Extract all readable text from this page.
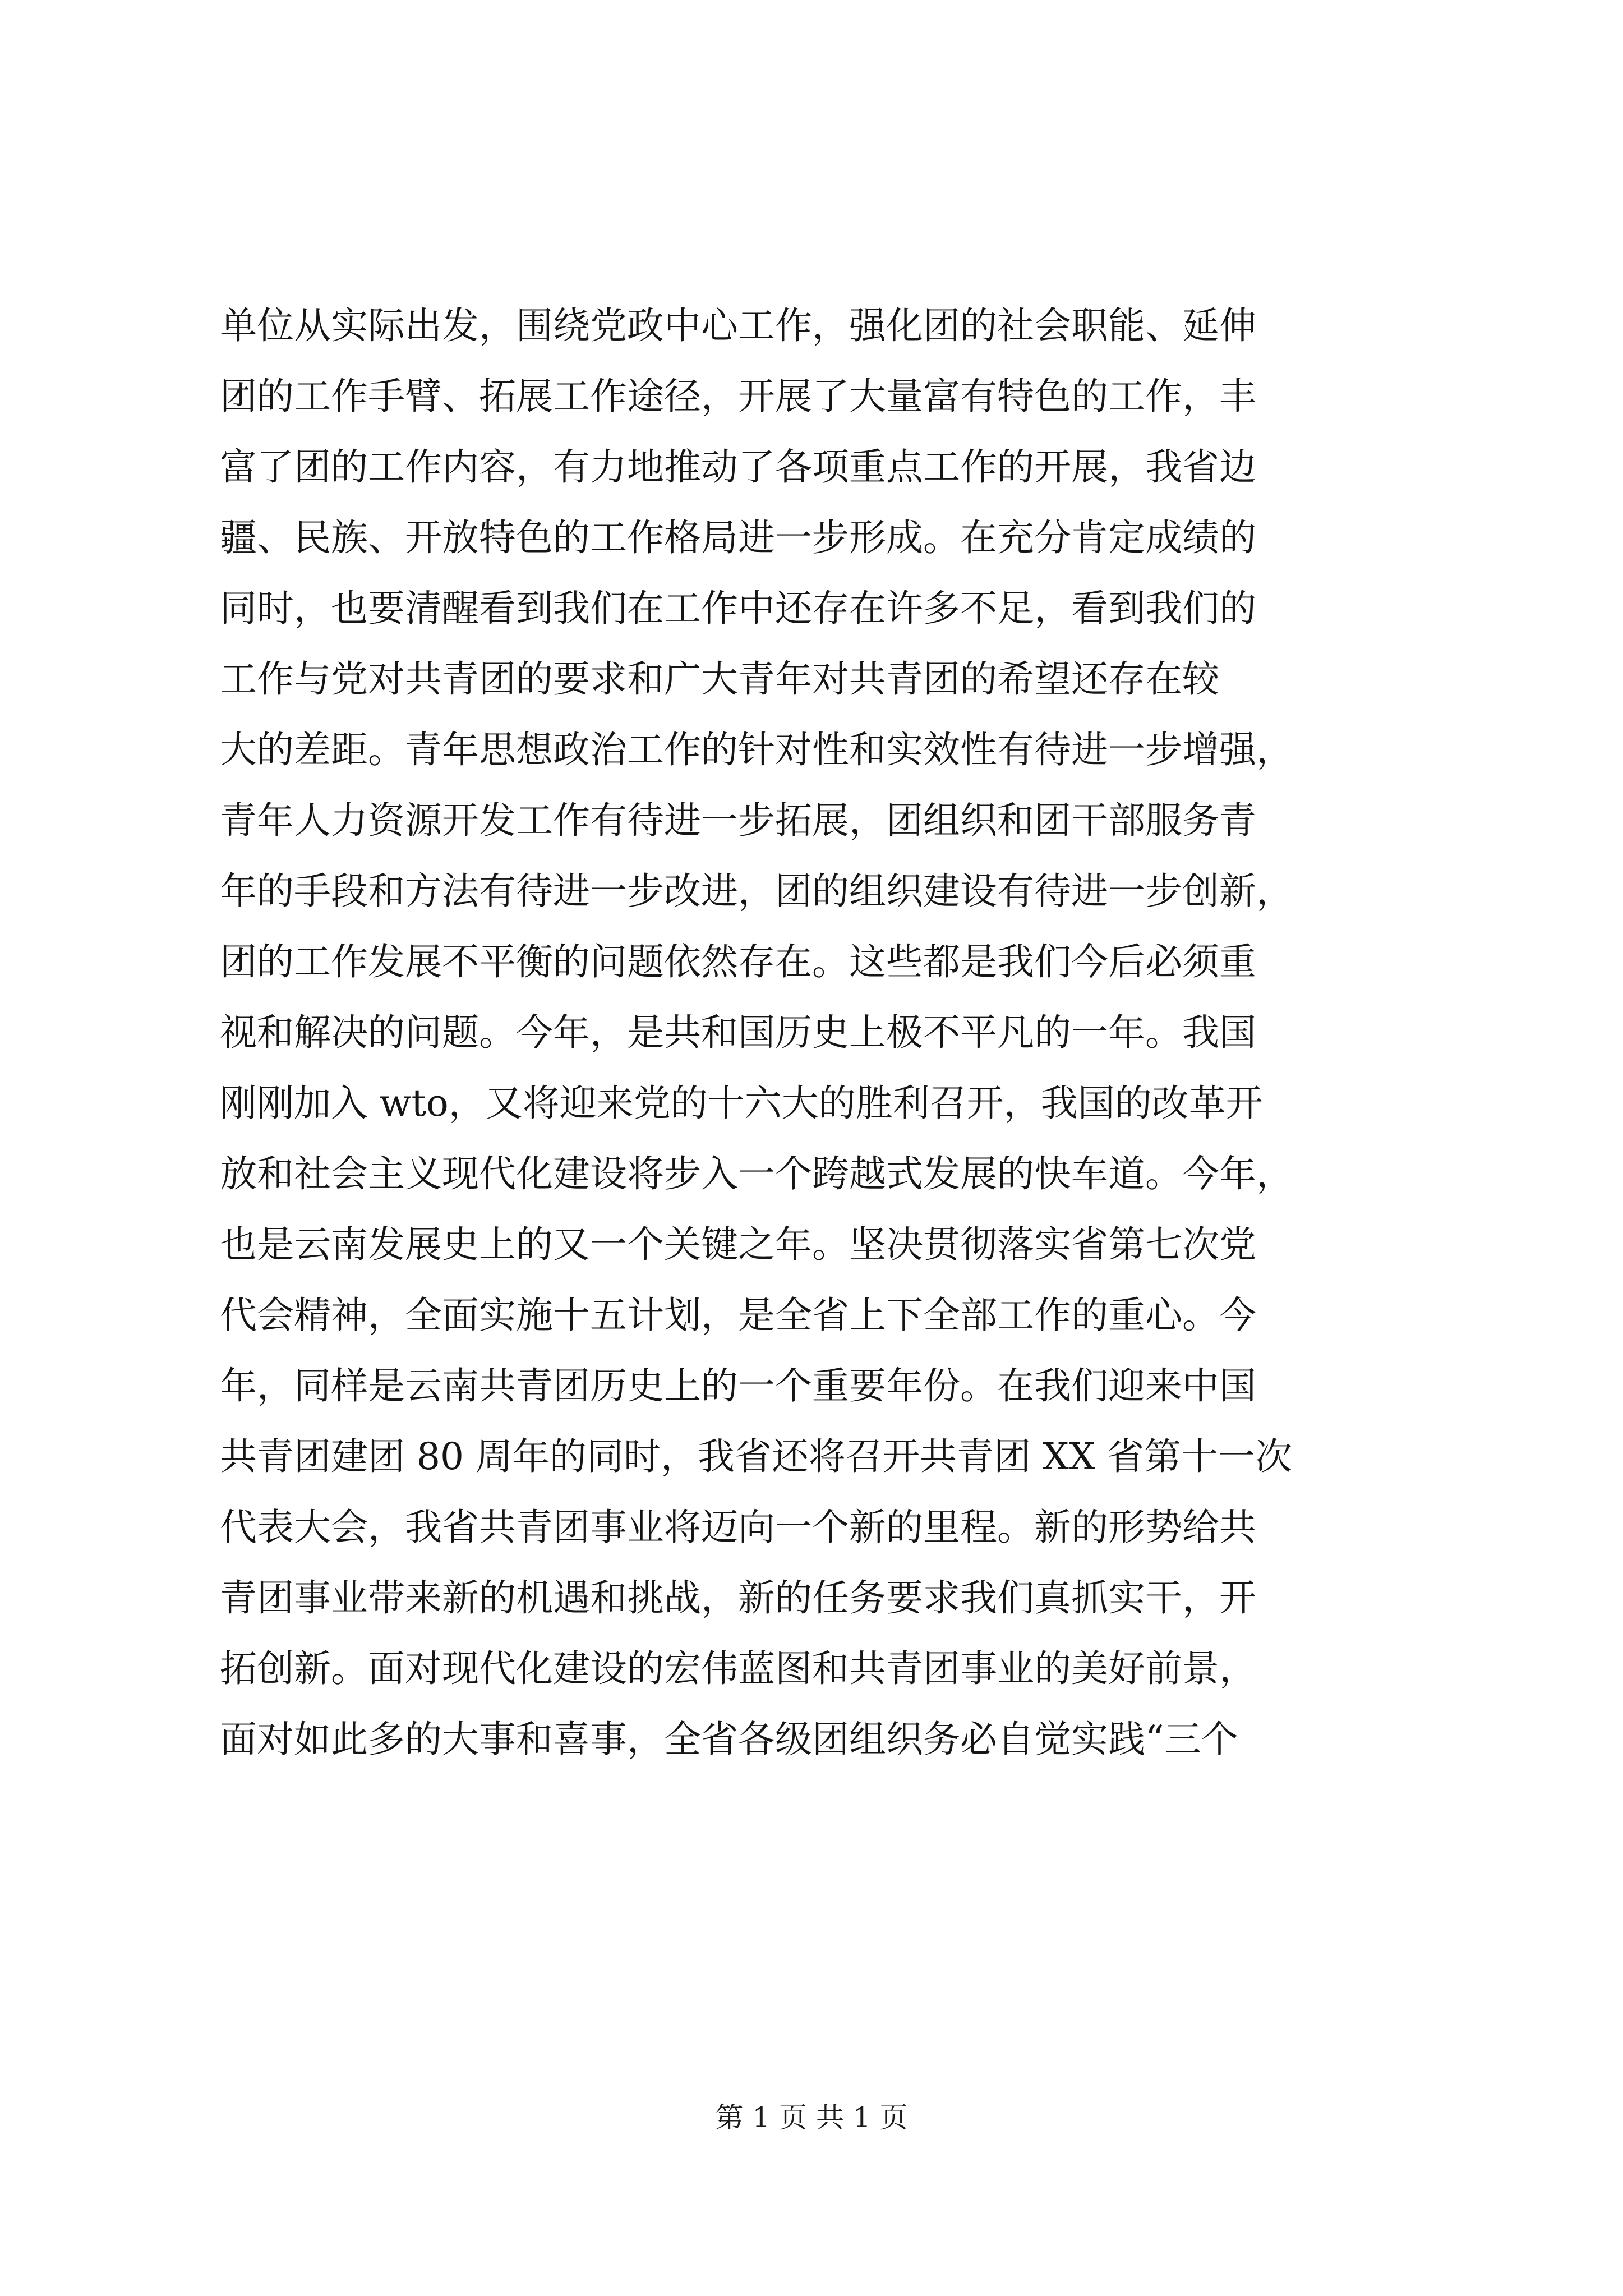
单位从实际出发，围绕党政中心工作，强化团的社会职能、延伸
团的工作手臂、拓展工作途径，开展了大量富有特色的工作，丰
富了团的工作内容，有力地推动了各项重点工作的开展，我省边
疆、民族、开放特色的工作格局进一步形成。在充分肯定成绩的
同时，也要清醒看到我们在工作中还存在许多不足，看到我们的
工作与党对共青团的要求和广大青年对共青团的希望还存在较
大的差距。青年思想政治工作的针对性和实效性有待进一步增强，
青年人力资源开发工作有待进一步拓展，团组织和团干部服务青
年的手段和方法有待进一步改进，团的组织建设有待进一步创新，
团的工作发展不平衡的问题依然存在。这些都是我们今后必须重
视和解决的问题。今年，是共和国历史上极不平凡的一年。我国
刚刚加入 wto，又将迎来党的十六大的胜利召开，我国的改革开
放和社会主义现代化建设将步入一个跨越式发展的快车道。今年，
也是云南发展史上的又一个关键之年。坚决贯彻落实省第七次党
代会精神，全面实施十五计划，是全省上下全部工作的重心。今
年，同样是云南共青团历史上的一个重要年份。在我们迎来中国
共青团建团 80 周年的同时，我省还将召开共青团 XX 省第十一次
代表大会，我省共青团事业将迈向一个新的里程。新的形势给共
青团事业带来新的机遇和挑战，新的任务要求我们真抓实干，开
拓创新。面对现代化建设的宏伟蓝图和共青团事业的美好前景，
面对如此多的大事和喜事，全省各级团组织务必自觉实践“三个
第 1 页 共 1 页
